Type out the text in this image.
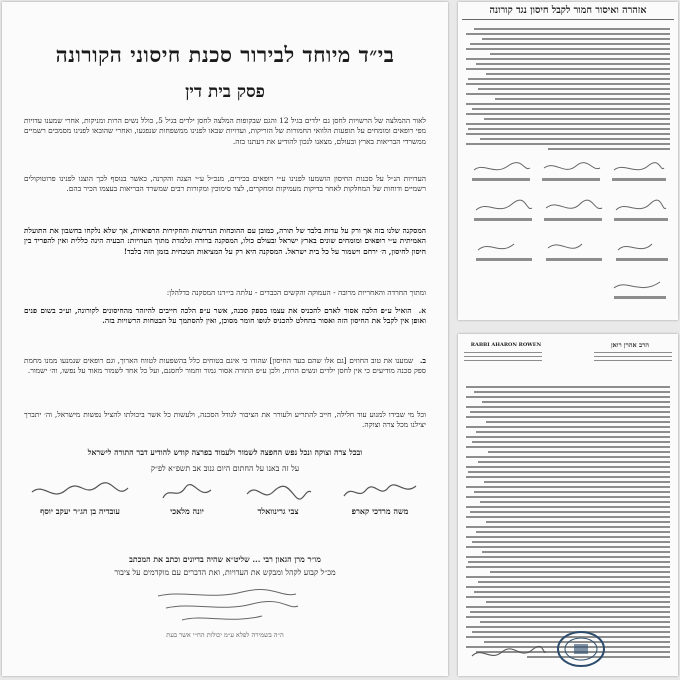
בי״ד מיוחד לבירור סכנת חיסוני הקורונה
פסק בית דין
לאור ההמלצה של הרשויות לחסן גם ילדים בגיל 12 והגם שבקופות המלצה לחסן ילדים בגיל 5, כולל נשים הרות ומניקות, אחרי שמענו עדויות מפי רופאים ומומחים על תופעות הלוואי החמורות של הזריקות, ועדויות שבאו לפנינו ממשפחות שנפגעו, ואחרי שהובאו לפנינו מסמכים רשמיים ממשרדי הבריאות בארץ ובעולם, מצאנו לנכון להודיע את דעתנו בזה.
העדויות הנ״ל על סכנות החיסון הושמעו לפנינו ע״י רופאים בכירים, מנכ״ל ע״י הצגה והקרנה, כאשר בנוסף לכך הוצגו לפנינו פרוטוקולים רשמיים ודוחות של המחלקות לאחר בדיקות מעמיקות ומחקרים, לצד סימוכין ומקורות רבים שמשרד הבריאות בעצמו הכיר בהם.
המסקנה שלנו בזה אך ורק על עדות בלבד של תורה, כמובן עם ההוכחות הנדרשות והחקירות הרפואיות, אך שלא נלקחו בחשבון את התועלת האמיתית ע״י רופאים ומומחים שונים בארץ ישראל ובעולם כולו, המסקנה ברורה ונלמדת מתוך העדויות: הבעיה הינה כללית ואין להפריד בין חיסון לחיסון, ה׳ ירחם וישמור על כל בית ישראל. המסקנה היא רק על המציאות הנוכחית בזמן הזה בלבד!
ומתוך החרדה והאחריות מרובה - העמוקה והקשים הכבדים - עלתה בי״דנו המסקנה כדלהלן:
א. הואיל ע״פ הלכה אסור לאדם להכניס את עצמו בספק סכנה, אשר ע״פ הלכה חייבים להיזהר מהחיסונים לקורונה, וע״כ בשום פנים ואופן אין לקבל את החיסון הזה ואסור בהחלט להכניס לגופו חומר מסוכן, ואין להסתמך על הבטחות הרשויות בזה.
ב. שמענו את טוב החוזים [גם אלו שהם בעד החיסון] שהודו כי אינם בטוחים כלל בהשפעות לטווח הארוך, וגם רופאים שנמנעו ממנו מחמת ספק סכנה מודיעים כי אין לחסן ילדים ונשים הרות, ולכן ע״פ התורה אסור גמור וחמור לחסנם, ועל כל אחד לשמור מאוד על נפשו, וה׳ ישמור.
וכל מי שבידו למנוע עוד חלילה, חייב להתריע ולעורר את הציבור לגודל הסכנה, ולעשות כל אשר ביכולתו להציל נפשות מישראל, וה׳ יתברך יצילנו מכל צרה וצוקה.
ובכל צרה וצוקה ונכל נפש החפצה לשמור ולעמוד בפרצה קודש להודיע דבר התורה לישראל
על זה באנו על החתום היום גנוב אב תשפ״א לפ״ק
משה מרדכי קארפ
צבי גרינוואלד
יונה מלאכי
עובדיה בן הג״ר יעקב יוסף
מו״ר מרן הגאון רבי ... שליט״א שהיה בדיונים וכתב את המכתב
מכ״ל קבוע לקהל ומבקש את העדויות, ואת הדברים עם מוקדמים על ציבור
ה״ה בשמירה לפלא ע״מ יכולות הח״י אשר בעת
אזהרה ואיסור חמור לקבל חיסון נגד קורונה
הרב אהרן רואן
RABBI AHARON ROWEN
